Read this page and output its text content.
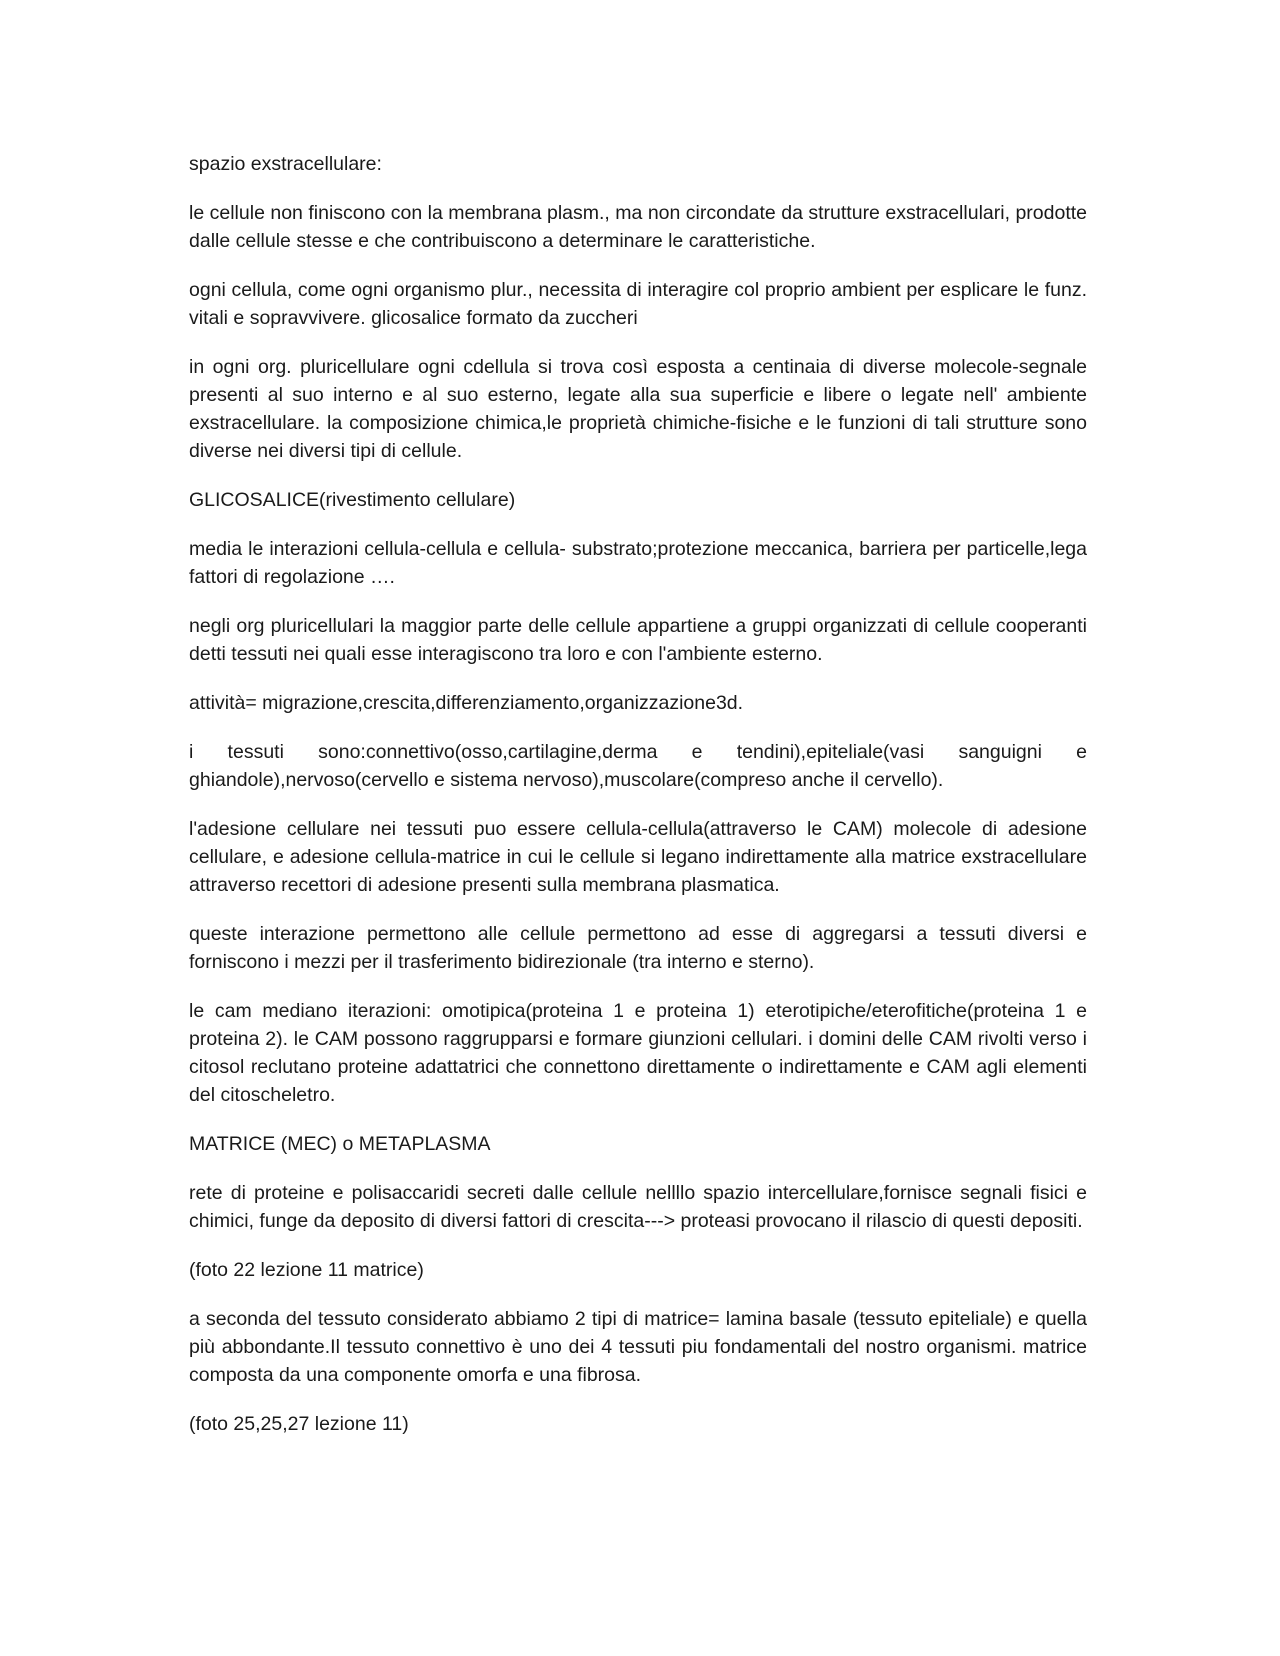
spazio exstracellulare:

le cellule non finiscono con la membrana plasm., ma non circondate da strutture exstracellulari, prodotte dalle cellule stesse e che contribuiscono a determinare le caratteristiche.

ogni cellula, come ogni organismo plur., necessita di interagire col proprio ambient per esplicare le funz. vitali e sopravvivere. glicosalice formato da zuccheri

in ogni org. pluricellulare ogni cdellula si trova così esposta a centinaia di diverse molecole-segnale presenti al suo interno e al suo esterno, legate alla sua superficie e libere o legate nell' ambiente exstracellulare. la composizione chimica,le proprietà chimiche-fisiche e le funzioni di tali strutture sono diverse nei diversi tipi di cellule.

GLICOSALICE(rivestimento cellulare)

media le interazioni cellula-cellula e cellula- substrato;protezione meccanica, barriera per particelle,lega fattori di regolazione ….

negli org pluricellulari la maggior parte delle cellule appartiene a gruppi organizzati di cellule cooperanti detti tessuti nei quali esse interagiscono tra loro e con l'ambiente esterno.

attività= migrazione,crescita,differenziamento,organizzazione3d.

i tessuti sono:connettivo(osso,cartilagine,derma e tendini),epiteliale(vasi sanguigni e ghiandole),nervoso(cervello e sistema nervoso),muscolare(compreso anche il cervello).

l'adesione cellulare nei tessuti puo essere cellula-cellula(attraverso le CAM) molecole di adesione cellulare, e adesione cellula-matrice in cui le cellule si legano indirettamente alla matrice exstracellulare attraverso recettori di adesione presenti sulla membrana plasmatica.

queste interazione permettono alle cellule permettono ad esse di aggregarsi a tessuti diversi e forniscono i mezzi per il trasferimento bidirezionale (tra interno e sterno).

le cam mediano iterazioni: omotipica(proteina 1 e proteina 1) eterotipiche/eterofitiche(proteina 1 e proteina 2). le CAM possono raggrupparsi e formare giunzioni cellulari. i domini delle CAM rivolti verso i citosol reclutano proteine adattatrici che connettono direttamente o indirettamente e CAM agli elementi del citoscheletro.

MATRICE (MEC) o METAPLASMA

rete di proteine e polisaccaridi secreti dalle cellule nellllo spazio intercellulare,fornisce segnali fisici e chimici, funge da deposito di diversi fattori di crescita---> proteasi provocano il rilascio di questi depositi.

(foto 22 lezione 11 matrice)

a seconda del tessuto considerato abbiamo 2 tipi di matrice= lamina basale (tessuto epiteliale) e quella più abbondante.Il tessuto connettivo è uno dei 4 tessuti piu fondamentali del nostro organismi. matrice composta da una componente omorfa e una fibrosa.

(foto 25,25,27 lezione 11)
